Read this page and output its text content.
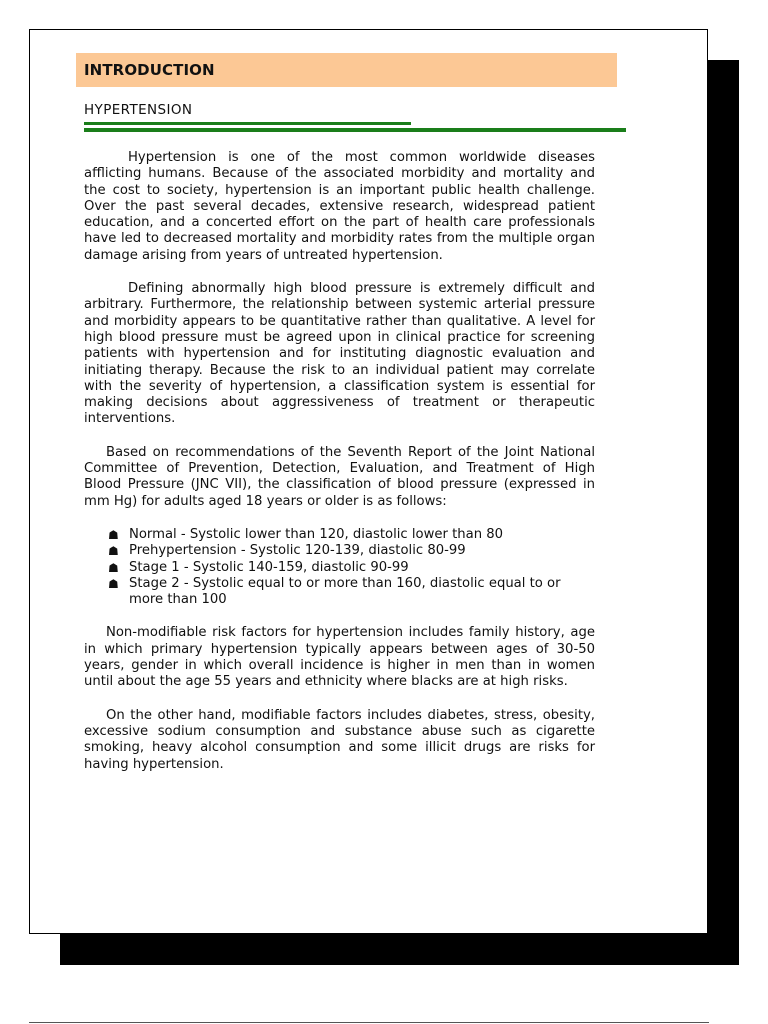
INTRODUCTION
HYPERTENSION

Hypertension is one of the most common worldwide diseases afflicting humans. Because of the associated morbidity and mortality and the cost to society, hypertension is an important public health challenge. Over the past several decades, extensive research, widespread patient education, and a concerted effort on the part of health care professionals have led to decreased mortality and morbidity rates from the multiple organ damage arising from years of untreated hypertension.

Defining abnormally high blood pressure is extremely difficult and arbitrary. Furthermore, the relationship between systemic arterial pressure and morbidity appears to be quantitative rather than qualitative. A level for high blood pressure must be agreed upon in clinical practice for screening patients with hypertension and for instituting diagnostic evaluation and initiating therapy. Because the risk to an individual patient may correlate with the severity of hypertension, a classification system is essential for making decisions about aggressiveness of treatment or therapeutic interventions.

Based on recommendations of the Seventh Report of the Joint National Committee of Prevention, Detection, Evaluation, and Treatment of High Blood Pressure (JNC VII), the classification of blood pressure (expressed in mm Hg) for adults aged 18 years or older is as follows:

☗ Normal - Systolic lower than 120, diastolic lower than 80
☗ Prehypertension - Systolic 120-139, diastolic 80-99
☗ Stage 1 - Systolic 140-159, diastolic 90-99
☗ Stage 2 - Systolic equal to or more than 160, diastolic equal to or more than 100

Non-modifiable risk factors for hypertension includes family history, age in which primary hypertension typically appears between ages of 30-50 years, gender in which overall incidence is higher in men than in women until about the age 55 years and ethnicity where blacks are at high risks.

On the other hand, modifiable factors includes diabetes, stress, obesity, excessive sodium consumption and substance abuse such as cigarette smoking, heavy alcohol consumption and some illicit drugs are risks for having hypertension.
